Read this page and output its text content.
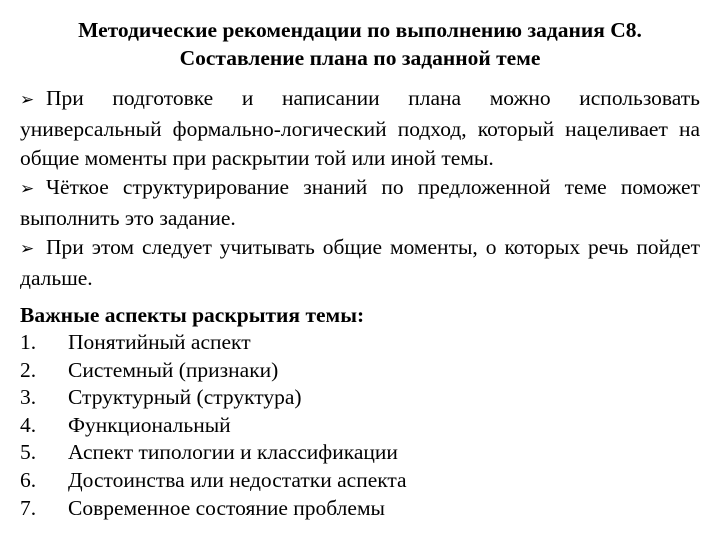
Методические рекомендации по выполнению задания С8.
Составление плана по заданной теме

➢ При подготовке и написании плана можно использовать универсальный формально-логический подход, который нацеливает на общие моменты при раскрытии той или иной темы.

➢ Чёткое структурирование знаний по предложенной теме поможет выполнить это задание.

➢ При этом следует учитывать общие моменты, о которых речь пойдет дальше.

Важные аспекты раскрытия темы:

1.	Понятийный аспект
2.	Системный (признаки)
3.	Структурный (структура)
4.	Функциональный
5.	Аспект типологии и классификации
6.	Достоинства или недостатки аспекта
7.	Современное состояние проблемы
